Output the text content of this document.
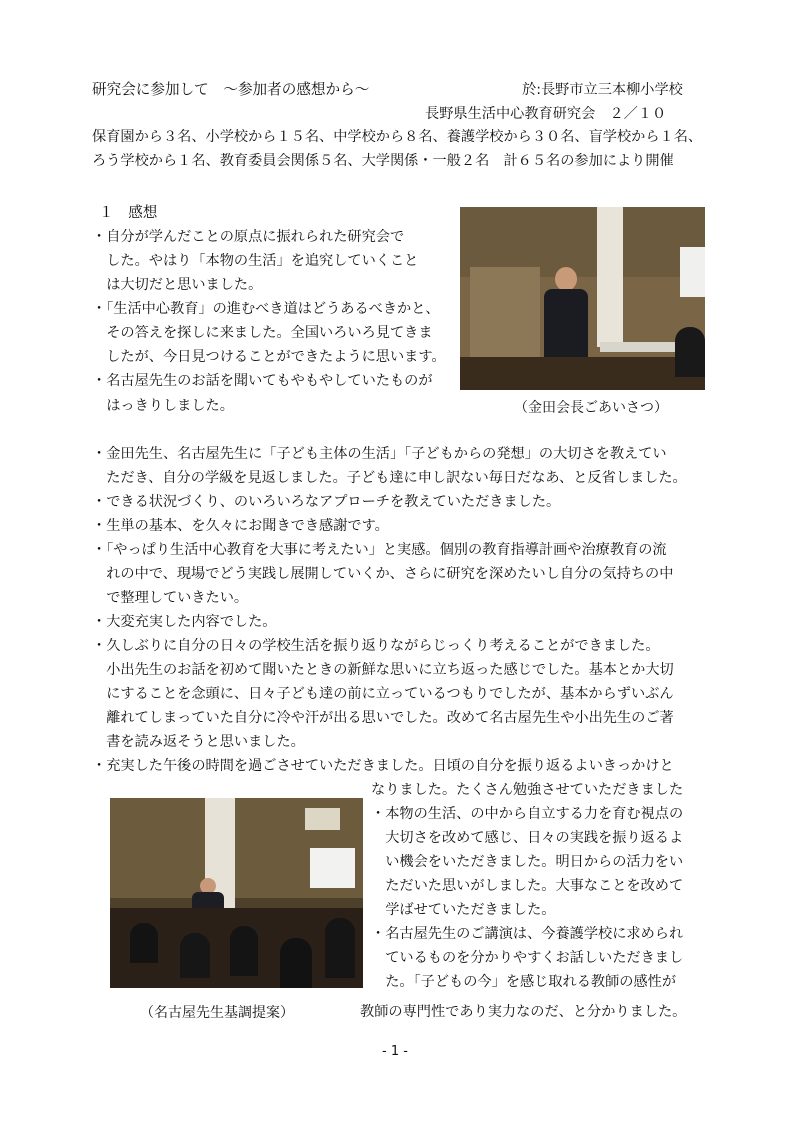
研究会に参加して　～参加者の感想から～	於:長野市立三本柳小学校
長野県生活中心教育研究会　２／１０
保育園から３名、小学校から１５名、中学校から８名、養護学校から３０名、盲学校から１名、
ろう学校から１名、教育委員会関係５名、大学関係・一般２名　計６５名の参加により開催
１　感想
・自分が学んだことの原点に振れられた研究会で
　した。やはり「本物の生活」を追究していくこと
　は大切だと思いました。
・「生活中心教育」の進むべき道はどうあるべきかと、
　その答えを探しに来ました。全国いろいろ見てきま
　したが、今日見つけることができたように思います。
・名古屋先生のお話を聞いてもやもやしていたものが
　はっきりしました。	（金田会長ごあいさつ）
・金田先生、名古屋先生に「子ども主体の生活」「子どもからの発想」の大切さを教えてい
　ただき、自分の学級を見返しました。子ども達に申し訳ない毎日だなあ、と反省しました。
・できる状況づくり、のいろいろなアプローチを教えていただきました。
・生単の基本、を久々にお聞きでき感謝です。
・「やっぱり生活中心教育を大事に考えたい」と実感。個別の教育指導計画や治療教育の流
　れの中で、現場でどう実践し展開していくか、さらに研究を深めたいし自分の気持ちの中
　で整理していきたい。
・大変充実した内容でした。
・久しぶりに自分の日々の学校生活を振り返りながらじっくり考えることができました。
　小出先生のお話を初めて聞いたときの新鮮な思いに立ち返った感じでした。基本とか大切
　にすることを念頭に、日々子ども達の前に立っているつもりでしたが、基本からずいぶん
　離れてしまっていた自分に冷や汗が出る思いでした。改めて名古屋先生や小出先生のご著
　書を読み返そうと思いました。
・充実した午後の時間を過ごさせていただきました。日頃の自分を振り返るよいきっかけと
（名古屋先生基調提案）
なりました。たくさん勉強させていただきました
・本物の生活、の中から自立する力を育む視点の
　大切さを改めて感じ、日々の実践を振り返るよ
　い機会をいただきました。明日からの活力をい
　ただいた思いがしました。大事なことを改めて
　学ばせていただきました。
・名古屋先生のご講演は、今養護学校に求められ
　ているものを分かりやすくお話しいただきまし
　た。「子どもの今」を感じ取れる教師の感性が
教師の専門性であり実力なのだ、と分かりました。
- 1 -
